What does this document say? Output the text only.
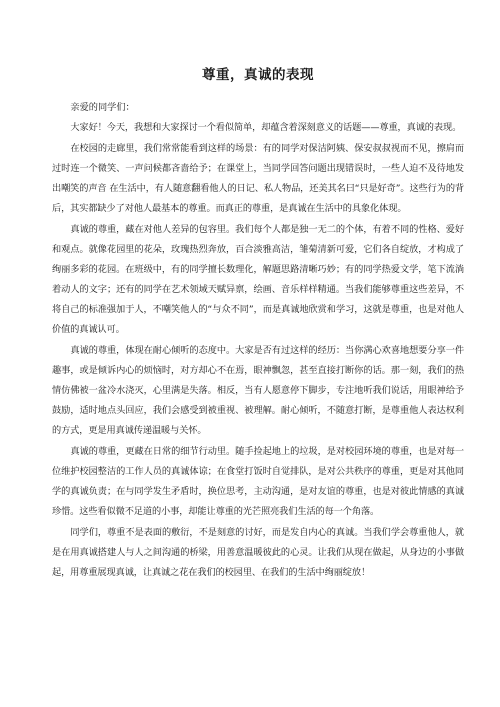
尊重，真诚的表现

亲爱的同学们：

大家好！今天，我想和大家探讨一个看似简单，却蕴含着深刻意义的话题——尊重，真诚的表现。

在校园的走廊里，我们常常能看到这样的场景：有的同学对保洁阿姨、保安叔叔视而不见，擦肩而过时连一个微笑、一声问候都吝啬给予；在课堂上，当同学回答问题出现错误时，一些人迫不及待地发出嘲笑的声音 在生活中，有人随意翻看他人的日记、私人物品，还美其名曰“只是好奇”。这些行为的背后，其实都缺少了对他人最基本的尊重。而真正的尊重，是真诚在生活中的具象化体现。

真诚的尊重，藏在对他人差异的包容里。我们每个人都是独一无二的个体，有着不同的性格、爱好和观点。就像花园里的花朵，玫瑰热烈奔放，百合淡雅高洁，雏菊清新可爱，它们各自绽放，才构成了绚丽多彩的花园。在班级中，有的同学擅长数理化，解题思路清晰巧妙；有的同学热爱文学，笔下流淌着动人的文字；还有的同学在艺术领域天赋异禀，绘画、音乐样样精通。当我们能够尊重这些差异，不将自己的标准强加于人，不嘲笑他人的“与众不同”，而是真诚地欣赏和学习，这就是尊重，也是对他人价值的真诚认可。

真诚的尊重，体现在耐心倾听的态度中。大家是否有过这样的经历：当你满心欢喜地想要分享一件趣事，或是倾诉内心的烦恼时，对方却心不在焉，眼神飘忽，甚至直接打断你的话。那一刻，我们的热情仿佛被一盆冷水浇灭，心里满是失落。相反，当有人愿意停下脚步，专注地听我们说话，用眼神给予鼓励，适时地点头回应，我们会感受到被重视、被理解。耐心倾听，不随意打断，是尊重他人表达权利的方式，更是用真诚传递温暖与关怀。

真诚的尊重，更藏在日常的细节行动里。随手捡起地上的垃圾，是对校园环境的尊重，也是对每一位维护校园整洁的工作人员的真诚体谅；在食堂打饭时自觉排队，是对公共秩序的尊重，更是对其他同学的真诚负责；在与同学发生矛盾时，换位思考，主动沟通，是对友谊的尊重，也是对彼此情感的真诚珍惜。这些看似微不足道的小事，却能让尊重的光芒照亮我们生活的每一个角落。

同学们，尊重不是表面的敷衍，不是刻意的讨好，而是发自内心的真诚。当我们学会尊重他人，就是在用真诚搭建人与人之间沟通的桥梁，用善意温暖彼此的心灵。让我们从现在做起，从身边的小事做起，用尊重展现真诚，让真诚之花在我们的校园里、在我们的生活中绚丽绽放！
